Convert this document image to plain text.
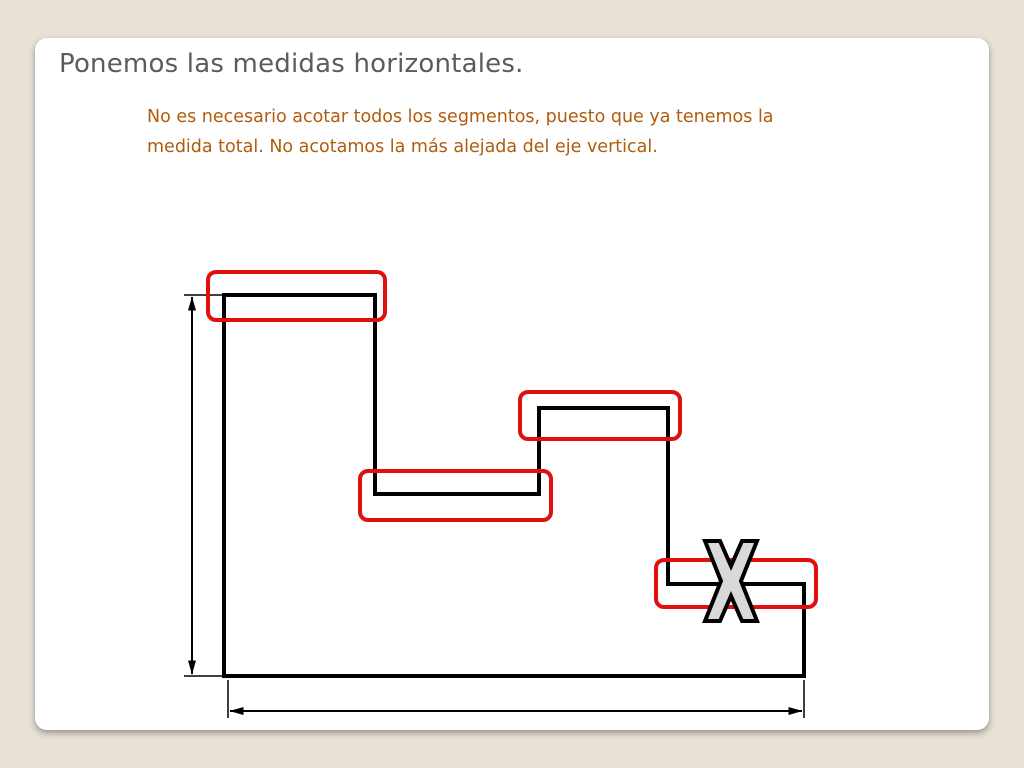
Ponemos las medidas horizontales.

No es necesario acotar todos los segmentos, puesto que ya tenemos la
medida total. No acotamos la más alejada del eje vertical.
